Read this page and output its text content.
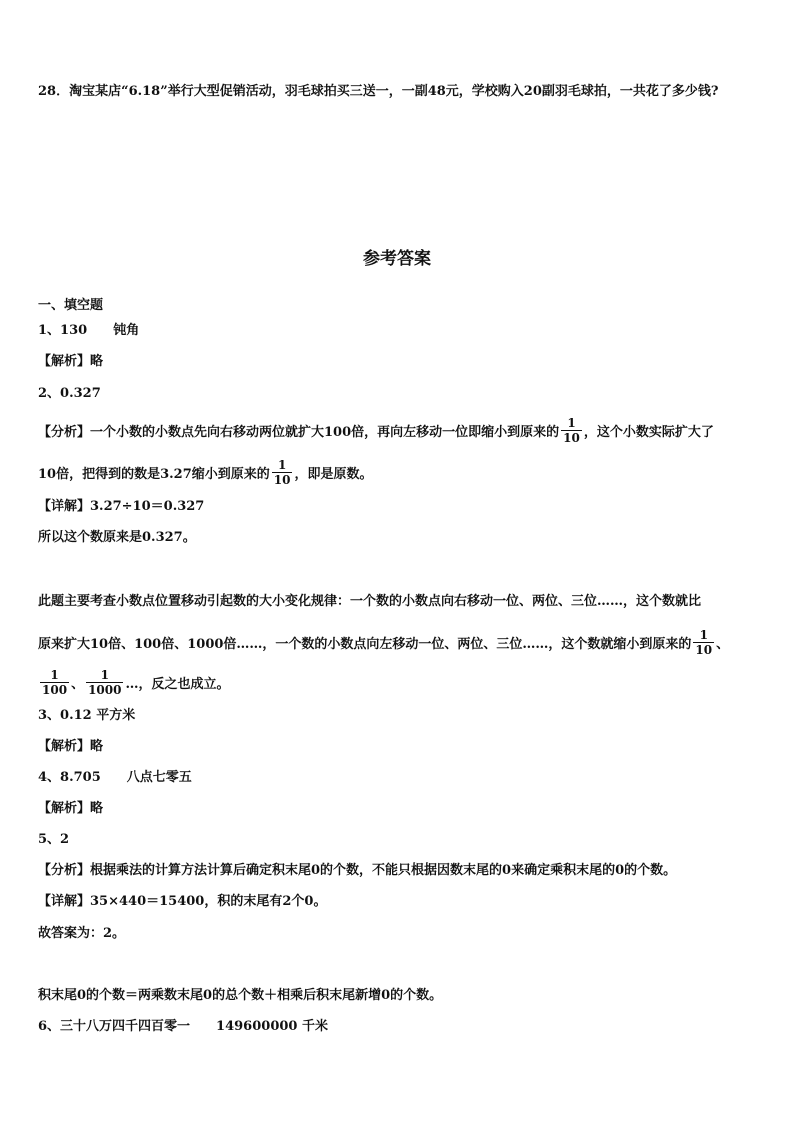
28．淘宝某店“6.18”举行大型促销活动，羽毛球拍买三送一，一副48元，学校购入20副羽毛球拍，一共花了多少钱?
参考答案
一、填空题
1、130 钝角
【解析】略
2、0.327
【分析】一个小数的小数点先向右移动两位就扩大100倍，再向左移动一位即缩小到原来的 $\frac{1}{10}$ ，这个小数实际扩大了
10倍，把得到的数是3.27缩小到原来的 $\frac{1}{10}$ ，即是原数。
【详解】3.27÷10＝0.327
所以这个数原来是0.327。
此题主要考查小数点位置移动引起数的大小变化规律：一个数的小数点向右移动一位、两位、三位……，这个数就比
原来扩大10倍、100倍、1000倍……，一个数的小数点向左移动一位、两位、三位……，这个数就缩小到原来的 $\frac{1}{10}$ 、
$\frac{1}{100}$ 、 $\frac{1}{1000}$ …，反之也成立。
3、0.12 平方米
【解析】略
4、8.705 八点七零五
【解析】略
5、2
【分析】根据乘法的计算方法计算后确定积末尾0的个数，不能只根据因数末尾的0来确定乘积末尾的0的个数。
【详解】35×440＝15400，积的末尾有2个0。
故答案为：2。
积末尾0的个数＝两乘数末尾0的总个数＋相乘后积末尾新增0的个数。
6、三十八万四千四百零一 149600000 千米
